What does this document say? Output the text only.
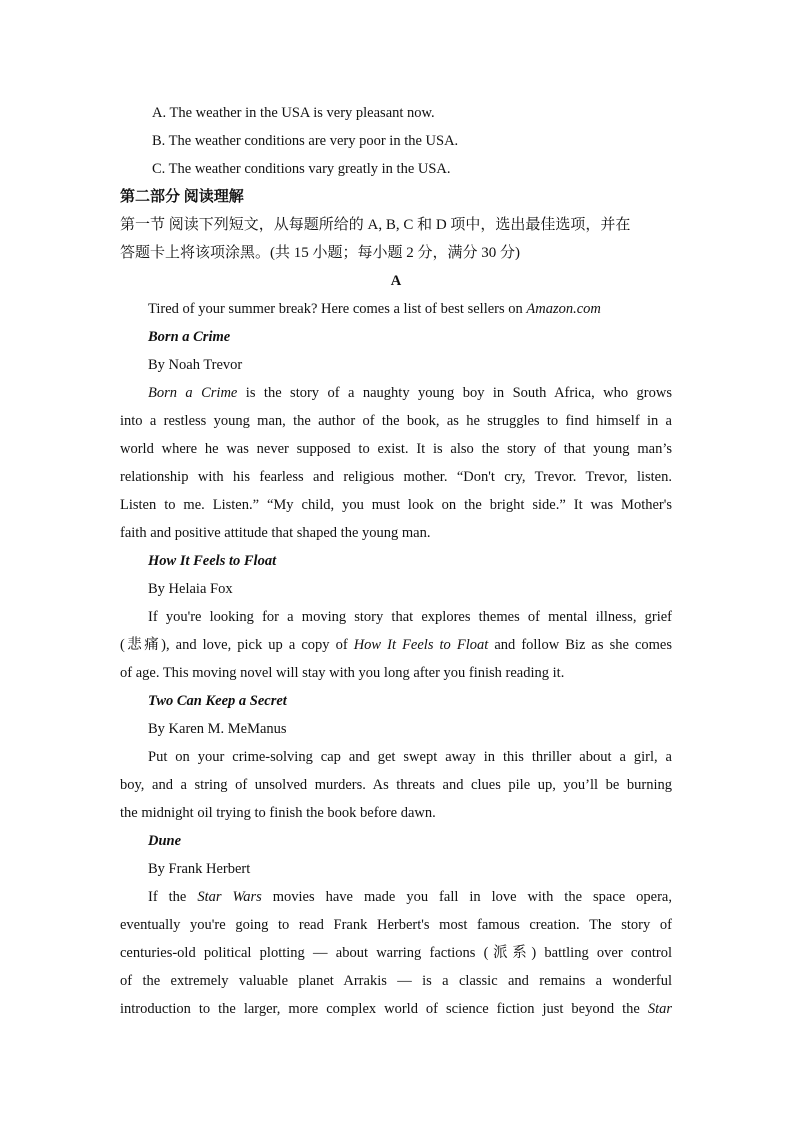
A. The weather in the USA is very pleasant now.
B. The weather conditions are very poor in the USA.
C. The weather conditions vary greatly in the USA.
第二部分 阅读理解
第一节 阅读下列短文，从每题所给的 A, B, C 和 D 项中，选出最佳选项，并在
答题卡上将该项涂黑。(共 15 小题；每小题 2 分，满分 30 分)
A
Tired of your summer break? Here comes a list of best sellers on Amazon.com
Born a Crime
By Noah Trevor
Born a Crime is the story of a naughty young boy in South Africa, who grows
into a restless young man, the author of the book, as he struggles to find himself in a
world where he was never supposed to exist. It is also the story of that young man’s
relationship with his fearless and religious mother. “Don't cry, Trevor. Trevor, listen.
Listen to me. Listen.” “My child, you must look on the bright side.” It was Mother's
faith and positive attitude that shaped the young man.
How It Feels to Float
By Helaia Fox
If you're looking for a moving story that explores themes of mental illness, grief
(悲痛), and love, pick up a copy of How It Feels to Float and follow Biz as she comes
of age. This moving novel will stay with you long after you finish reading it.
Two Can Keep a Secret
By Karen M. MeManus
Put on your crime-solving cap and get swept away in this thriller about a girl, a
boy, and a string of unsolved murders. As threats and clues pile up, you’ll be burning
the midnight oil trying to finish the book before dawn.
Dune
By Frank Herbert
If the Star Wars movies have made you fall in love with the space opera,
eventually you're going to read Frank Herbert's most famous creation. The story of
centuries-old political plotting — about warring factions (派系) battling over control
of the extremely valuable planet Arrakis — is a classic and remains a wonderful
introduction to the larger, more complex world of science fiction just beyond the Star
